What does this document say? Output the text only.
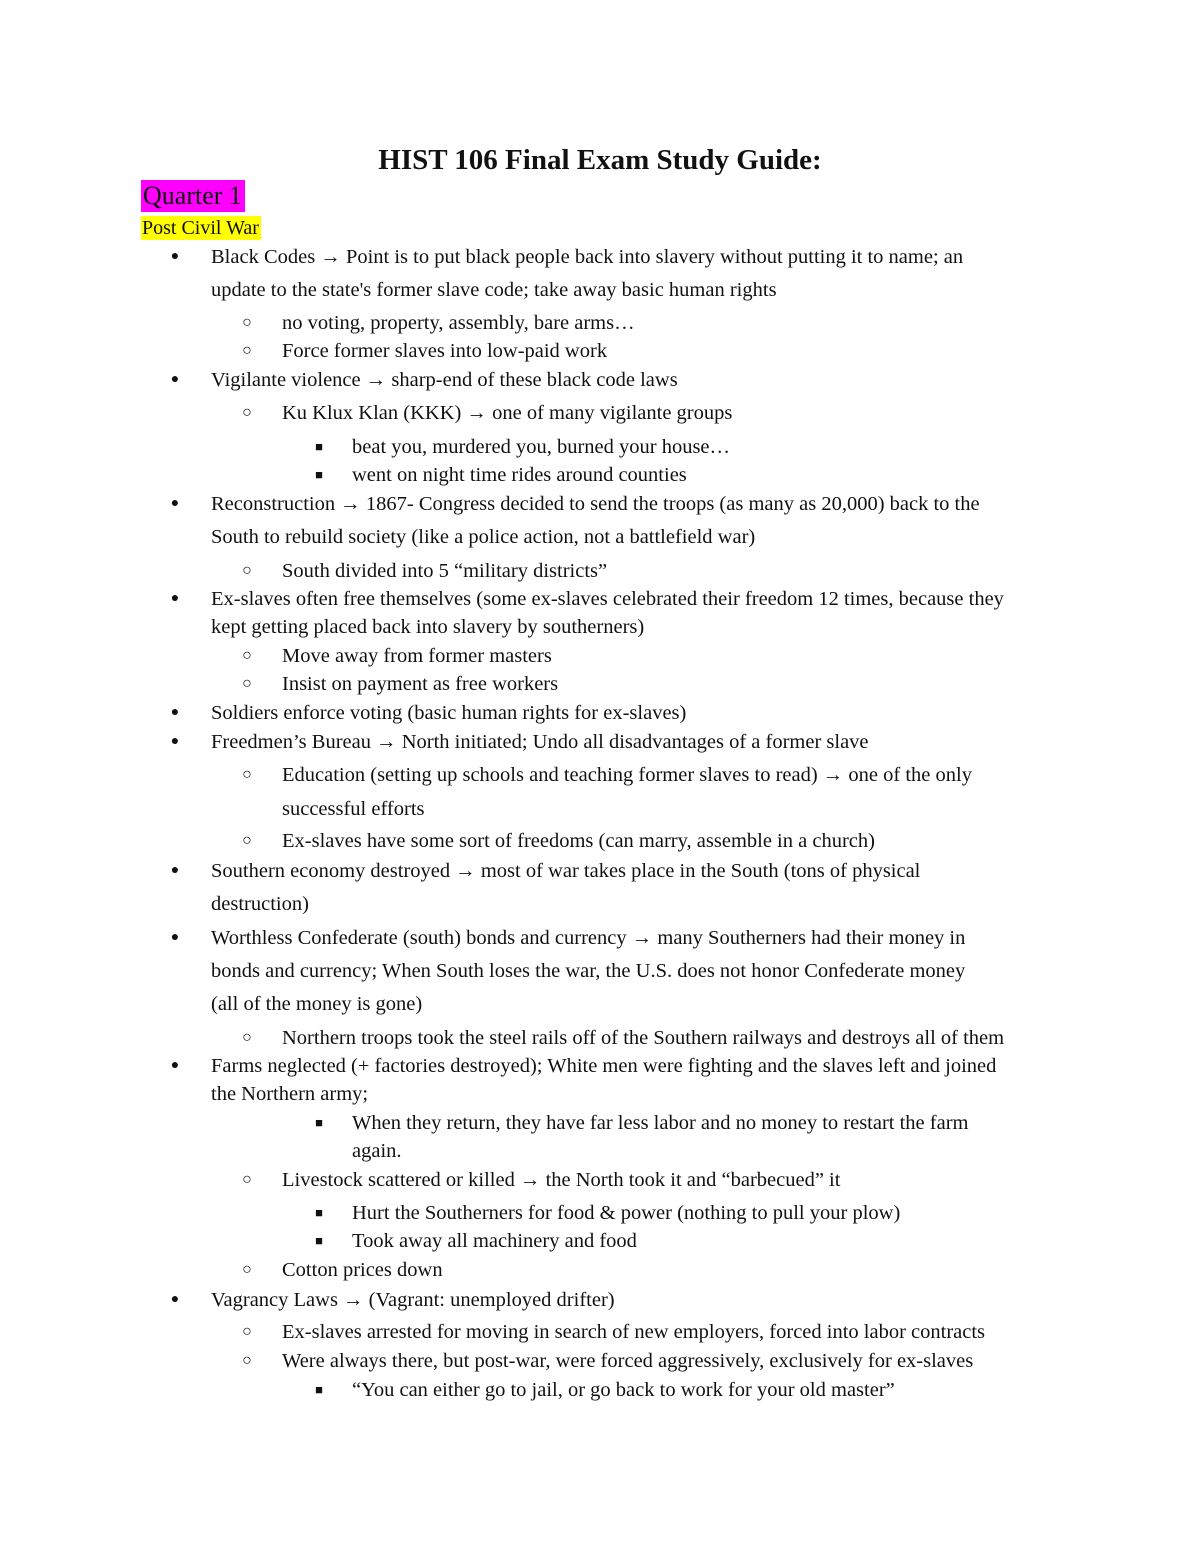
HIST 106 Final Exam Study Guide:
Quarter 1
Post Civil War
● Black Codes → Point is to put black people back into slavery without putting it to name; an

update to the state's former slave code; take away basic human rights

○ no voting, property, assembly, bare arms…

○ Force former slaves into low-paid work

● Vigilante violence → sharp-end of these black code laws

○ Ku Klux Klan (KKK) → one of many vigilante groups

■ beat you, murdered you, burned your house…

■ went on night time rides around counties

● Reconstruction → 1867- Congress decided to send the troops (as many as 20,000) back to the

South to rebuild society (like a police action, not a battlefield war)

○ South divided into 5 “military districts”

● Ex-slaves often free themselves (some ex-slaves celebrated their freedom 12 times, because they

kept getting placed back into slavery by southerners)

○ Move away from former masters

○ Insist on payment as free workers

● Soldiers enforce voting (basic human rights for ex-slaves)

● Freedmen’s Bureau → North initiated; Undo all disadvantages of a former slave

○ Education (setting up schools and teaching former slaves to read) → one of the only

successful efforts

○ Ex-slaves have some sort of freedoms (can marry, assemble in a church)

● Southern economy destroyed → most of war takes place in the South (tons of physical

destruction)

● Worthless Confederate (south) bonds and currency → many Southerners had their money in

bonds and currency; When South loses the war, the U.S. does not honor Confederate money

(all of the money is gone)

○ Northern troops took the steel rails off of the Southern railways and destroys all of them

● Farms neglected (+ factories destroyed); White men were fighting and the slaves left and joined

the Northern army;

■ When they return, they have far less labor and no money to restart the farm

again.

○ Livestock scattered or killed → the North took it and “barbecued” it

■ Hurt the Southerners for food & power (nothing to pull your plow)

■ Took away all machinery and food

○ Cotton prices down

● Vagrancy Laws → (Vagrant: unemployed drifter)

○ Ex-slaves arrested for moving in search of new employers, forced into labor contracts

○ Were always there, but post-war, were forced aggressively, exclusively for ex-slaves

■ “You can either go to jail, or go back to work for your old master”
